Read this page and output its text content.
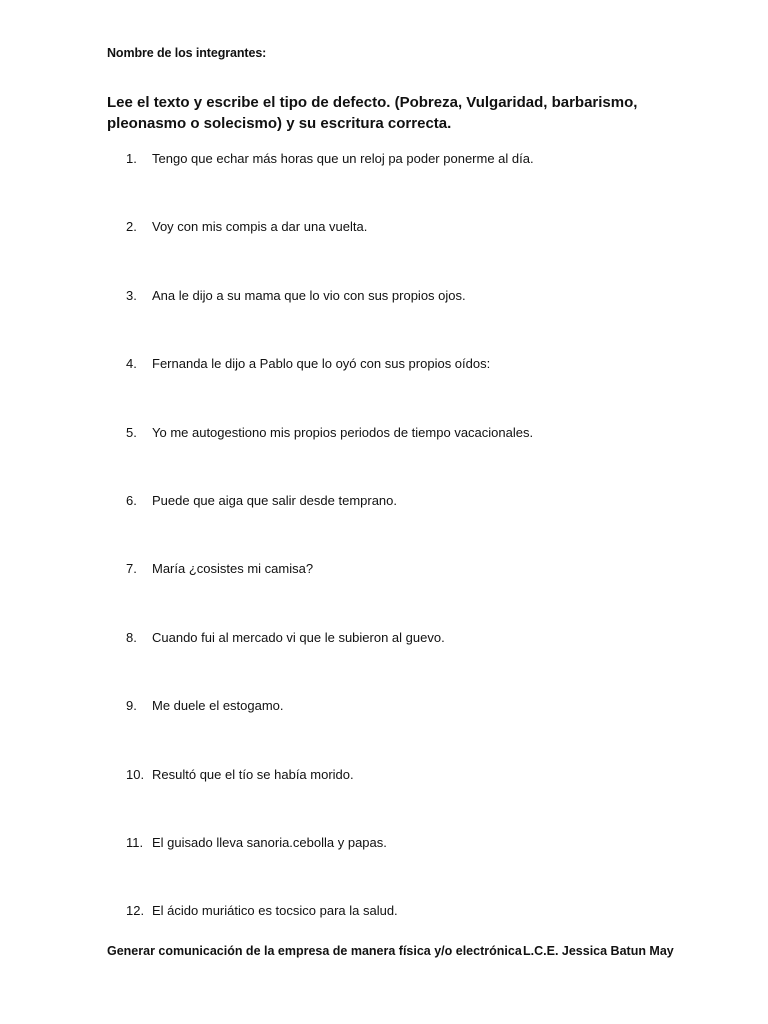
Nombre de los integrantes:
Lee el texto y escribe el tipo de defecto. (Pobreza, Vulgaridad, barbarismo, pleonasmo o solecismo) y su escritura correcta.
1. Tengo que echar más horas que un reloj pa poder ponerme al día.
2. Voy con mis compis a dar una vuelta.
3. Ana le dijo a su mama que lo vio con sus propios ojos.
4. Fernanda le dijo a Pablo que lo oyó con sus propios oídos:
5. Yo me autogestiono mis propios periodos de tiempo vacacionales.
6. Puede que aiga que salir desde temprano.
7. María ¿cosistes mi camisa?
8. Cuando fui al mercado vi que le subieron al guevo.
9. Me duele el estogamo.
10. Resultó que el tío se había morido.
11. El guisado lleva sanoria.cebolla y papas.
12. El ácido muriático es tocsico para la salud.
Generar comunicación de la empresa de manera física y/o electrónica L.C.E. Jessica Batun May
